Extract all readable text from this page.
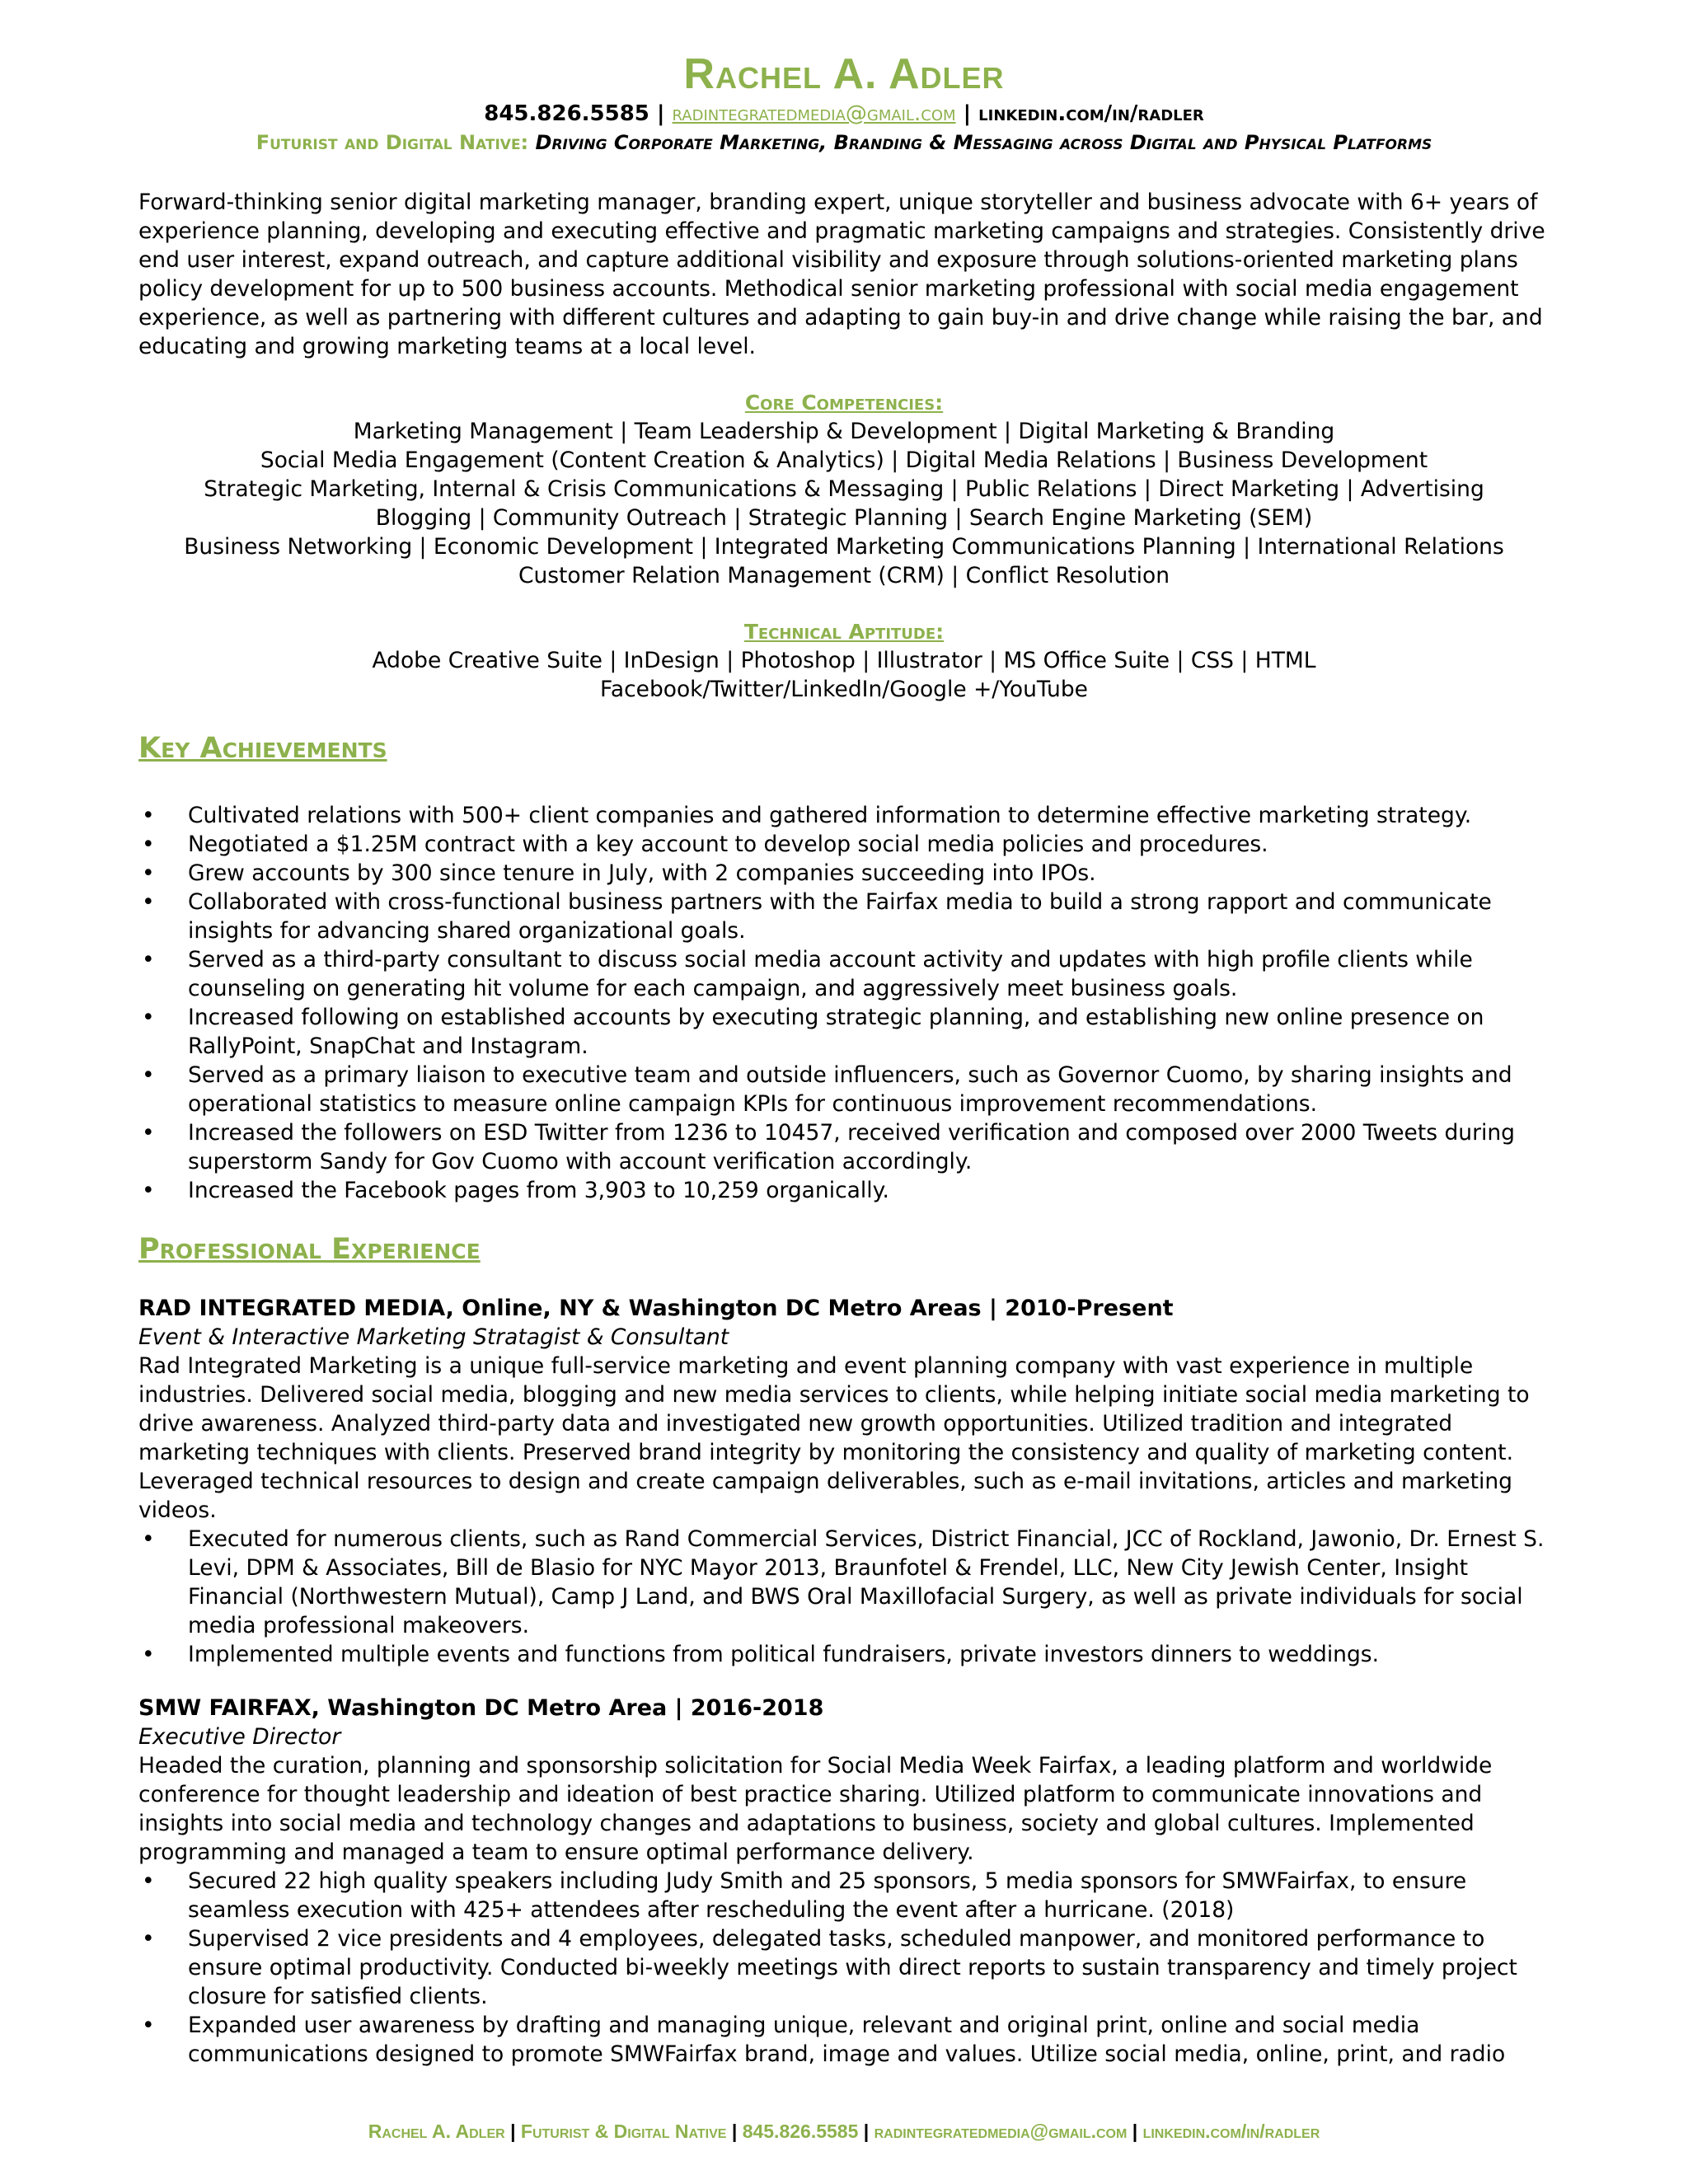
Rachel A. Adler
845.826.5585 | radintegratedmedia@gmail.com | linkedin.com/in/radler
Futurist and Digital Native: Driving Corporate Marketing, Branding & Messaging across Digital and Physical Platforms

Forward-thinking senior digital marketing manager, branding expert, unique storyteller and business advocate with 6+ years of experience planning, developing and executing effective and pragmatic marketing campaigns and strategies. Consistently drive end user interest, expand outreach, and capture additional visibility and exposure through solutions-oriented marketing plans policy development for up to 500 business accounts. Methodical senior marketing professional with social media engagement experience, as well as partnering with different cultures and adapting to gain buy-in and drive change while raising the bar, and educating and growing marketing teams at a local level.

Core Competencies:
Marketing Management | Team Leadership & Development | Digital Marketing & Branding
Social Media Engagement (Content Creation & Analytics) | Digital Media Relations | Business Development
Strategic Marketing, Internal & Crisis Communications & Messaging | Public Relations | Direct Marketing | Advertising
Blogging | Community Outreach | Strategic Planning | Search Engine Marketing (SEM)
Business Networking | Economic Development | Integrated Marketing Communications Planning | International Relations
Customer Relation Management (CRM) | Conflict Resolution
Technical Aptitude:
Adobe Creative Suite | InDesign | Photoshop | Illustrator | MS Office Suite | CSS | HTML
Facebook/Twitter/LinkedIn/Google +/YouTube
Key Achievements
• Cultivated relations with 500+ client companies and gathered information to determine effective marketing strategy.
• Negotiated a $1.25M contract with a key account to develop social media policies and procedures.
• Grew accounts by 300 since tenure in July, with 2 companies succeeding into IPOs.
• Collaborated with cross-functional business partners with the Fairfax media to build a strong rapport and communicate insights for advancing shared organizational goals.
• Served as a third-party consultant to discuss social media account activity and updates with high profile clients while counseling on generating hit volume for each campaign, and aggressively meet business goals.
• Increased following on established accounts by executing strategic planning, and establishing new online presence on RallyPoint, SnapChat and Instagram.
• Served as a primary liaison to executive team and outside influencers, such as Governor Cuomo, by sharing insights and operational statistics to measure online campaign KPIs for continuous improvement recommendations.
• Increased the followers on ESD Twitter from 1236 to 10457, received verification and composed over 2000 Tweets during superstorm Sandy for Gov Cuomo with account verification accordingly.
• Increased the Facebook pages from 3,903 to 10,259 organically.
Professional Experience
RAD INTEGRATED MEDIA, Online, NY & Washington DC Metro Areas | 2010-Present
Event & Interactive Marketing Stratagist & Consultant

Rad Integrated Marketing is a unique full-service marketing and event planning company with vast experience in multiple industries. Delivered social media, blogging and new media services to clients, while helping initiate social media marketing to drive awareness. Analyzed third-party data and investigated new growth opportunities. Utilized tradition and integrated marketing techniques with clients. Preserved brand integrity by monitoring the consistency and quality of marketing content. Leveraged technical resources to design and create campaign deliverables, such as e-mail invitations, articles and marketing videos.

• Executed for numerous clients, such as Rand Commercial Services, District Financial, JCC of Rockland, Jawonio, Dr. Ernest S. Levi, DPM & Associates, Bill de Blasio for NYC Mayor 2013, Braunfotel & Frendel, LLC, New City Jewish Center, Insight Financial (Northwestern Mutual), Camp J Land, and BWS Oral Maxillofacial Surgery, as well as private individuals for social media professional makeovers.
• Implemented multiple events and functions from political fundraisers, private investors dinners to weddings.
SMW FAIRFAX, Washington DC Metro Area | 2016-2018
Executive Director

Headed the curation, planning and sponsorship solicitation for Social Media Week Fairfax, a leading platform and worldwide conference for thought leadership and ideation of best practice sharing. Utilized platform to communicate innovations and insights into social media and technology changes and adaptations to business, society and global cultures. Implemented programming and managed a team to ensure optimal performance delivery.

• Secured 22 high quality speakers including Judy Smith and 25 sponsors, 5 media sponsors for SMWFairfax, to ensure seamless execution with 425+ attendees after rescheduling the event after a hurricane. (2018)
• Supervised 2 vice presidents and 4 employees, delegated tasks, scheduled manpower, and monitored performance to ensure optimal productivity. Conducted bi-weekly meetings with direct reports to sustain transparency and timely project closure for satisfied clients.
• Expanded user awareness by drafting and managing unique, relevant and original print, online and social media communications designed to promote SMWFairfax brand, image and values. Utilize social media, online, print, and radio
Rachel A. Adler | Futurist & Digital Native | 845.826.5585 | radintegratedmedia@gmail.com | linkedin.com/in/radler
